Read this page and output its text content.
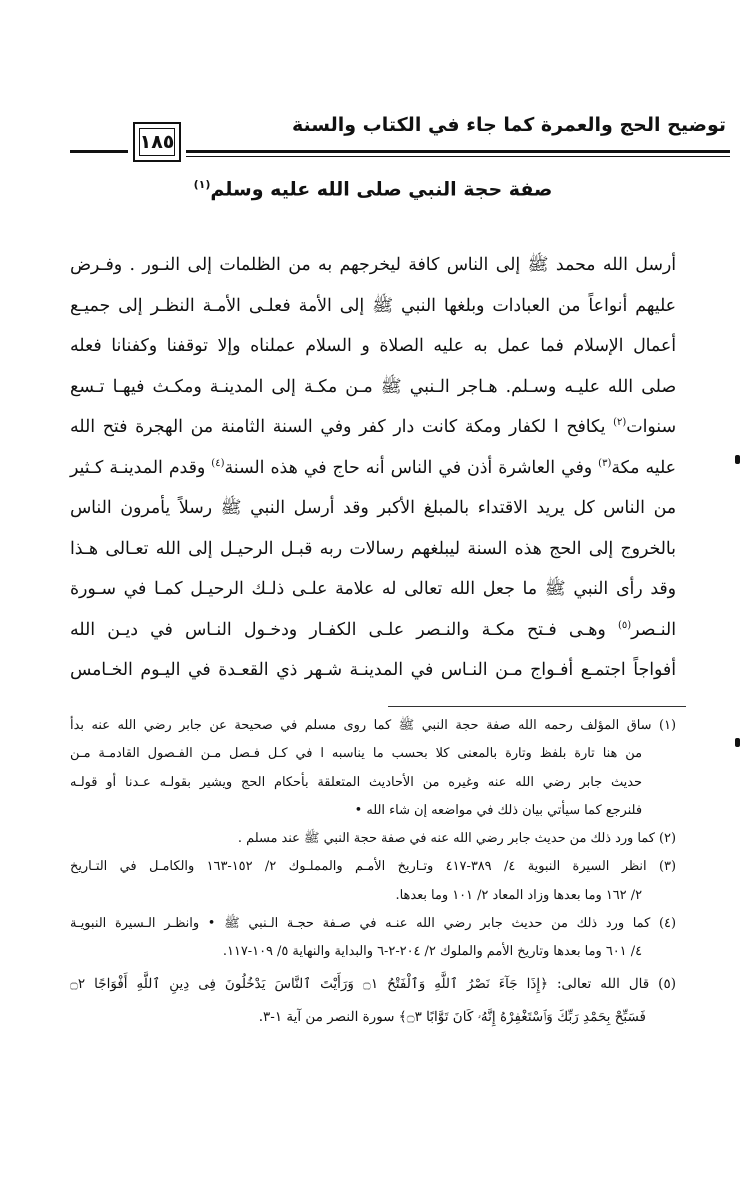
توضيح الحج والعمرة كما جاء في الكتاب والسنة
١٨٥
صفة حجة النبي صلى الله عليه وسلم$^{(١)}$
أرسل الله محمد ﷺ إلى الناس كافة ليخرجهم به من الظلمات إلى النـور . وفـرض
عليهم أنواعاً من العبادات وبلغها النبي ﷺ إلى الأمة فعلـى الأمـة النظـر إلى جميـع
أعمال الإسلام فما عمل به عليه الصلاة و السلام عملناه وإلا توقفنا وكفنانا فعله
صلى الله عليـه وسـلم. هـاجر الـنبي ﷺ مـن مكـة إلى المدينـة ومكـث فيهـا تـسع
سنوات$^{(٢)}$ يكافح ا لكفار ومكة كانت دار كفر وفي السنة الثامنة من الهجرة فتح الله
عليه مكة$^{(٣)}$ وفي العاشرة أذن في الناس أنه حاج في هذه السنة$^{(٤)}$ وقدم المدينـة كـثير
من الناس كل يريد الاقتداء بالمبلغ الأكبر وقد أرسل النبي ﷺ رسلاً يأمرون الناس
بالخروج إلى الحج هذه السنة ليبلغهم رسالات ربه قبـل الرحيـل إلى الله تعـالى هـذا
وقد رأى النبي ﷺ ما جعل الله تعالى له علامة علـى ذلـك الرحيـل كمـا في سـورة
النـصر$^{(٥)}$ وهـى فـتح مكـة والنـصر علـى الكفـار ودخـول النـاس في ديـن الله
أفواجاً اجتمـع أفـواج مـن النـاس في المدينـة شـهر ذي القعـدة في اليـوم الخـامس
(١) ساق المؤلف رحمه الله صفة حجة النبي ﷺ كما روى مسلم في صحيحة عن جابر رضي الله عنه بدأ
من هنا تارة بلفظ وتارة بالمعنى كلا بحسب ما يناسبه ا في كـل فـصل مـن الفـصول القادمـة مـن
حديث جابر رضي الله عنه وغيره من الأحاديث المتعلقة بأحكام الحج ويشير بقولـه عـدنا أو قولـه
فلنرجع كما سيأتي بيان ذلك في مواضعه إن شاء الله •
(٢) كما ورد ذلك من حديث جابر رضي الله عنه في صفة حجة النبي ﷺ عند مسلم .
(٣) انظر السيرة النبوية ٤/ ٣٨٩-٤١٧ وتـاريخ الأمـم والمملـوك ٢/ ١٥٢-١٦٣ والكامـل في التـاريخ
٢/ ١٦٢ وما بعدها وزاد المعاد ٢/ ١٠١ وما بعدها.
(٤) كما ورد ذلك من حديث جابر رضي الله عنـه في صـفة حجـة الـنبي ﷺ • وانظـر الـسيرة النبويـة
٤/ ٦٠١ وما بعدها وتاريخ الأمم والملوك ٢/ ٢٠٤-٢-٦ والبداية والنهاية ٥/ ١٠٩-١١٧.
(٥) قال الله تعالى: ﴿إِذَا جَآءَ نَصْرُ ٱللَّهِ وَٱلْفَتْحُ ۝١ وَرَأَيْتَ ٱلنَّاسَ يَدْخُلُونَ فِى دِينِ ٱللَّهِ أَفْوَاجًا ۝٢
فَسَبِّحْ بِحَمْدِ رَبِّكَ وَٱسْتَغْفِرْهُ إِنَّهُۥ كَانَ تَوَّابًا ۝٣﴾ سورة النصر من آية ١-٣.
